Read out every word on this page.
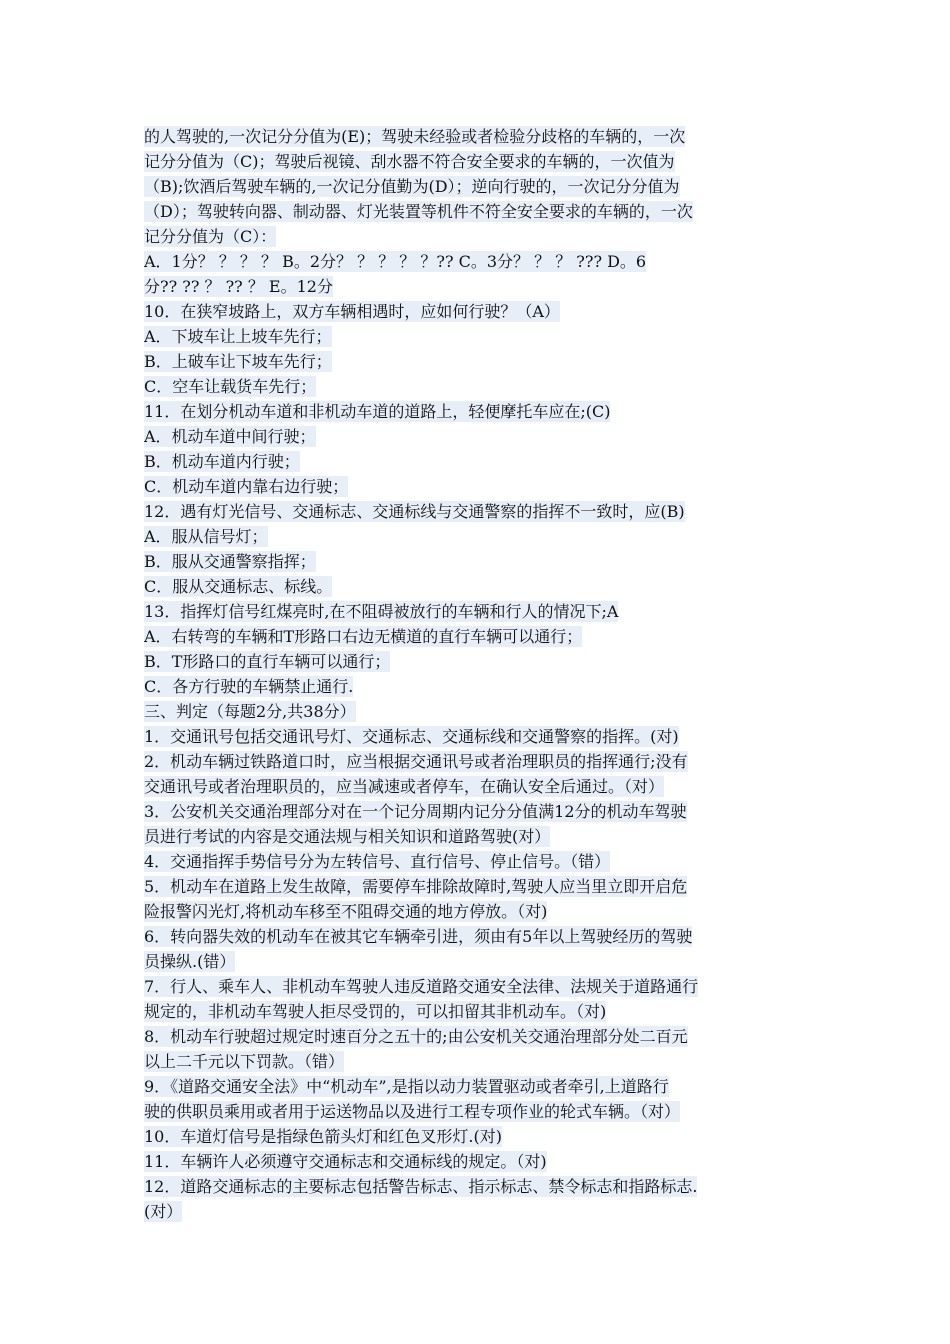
的人驾驶的,一次记分分值为(E)；驾驶未经验或者检验分歧格的车辆的，一次
记分分值为（C)；驾驶后视镜、刮水器不符合安全要求的车辆的，一次值为
（B);饮酒后驾驶车辆的,一次记分值勤为(D）；逆向行驶的，一次记分分值为
（D）；驾驶转向器、制动器、灯光装置等机件不符全安全要求的车辆的，一次
记分分值为（C）：
A．1分？ ？ ？ ？ B。2分？ ？ ？ ？ ？?? C。3分？ ？ ？ ??? D。6
分?? ?? ？ ?? ？ E。12分
10．在狭窄坡路上，双方车辆相遇时，应如何行驶？（A）
A．下坡车让上坡车先行；
B．上破车让下坡车先行；
C．空车让载货车先行；
11．在划分机动车道和非机动车道的道路上，轻便摩托车应在;(C)
A．机动车道中间行驶；
B．机动车道内行驶；
C．机动车道内靠右边行驶；
12．遇有灯光信号、交通标志、交通标线与交通警察的指挥不一致时，应(B)
A．服从信号灯；
B．服从交通警察指挥；
C．服从交通标志、标线。
13．指挥灯信号红煤亮时,在不阻碍被放行的车辆和行人的情况下;A
A．右转弯的车辆和T形路口右边无横道的直行车辆可以通行；
B．T形路口的直行车辆可以通行；
C．各方行驶的车辆禁止通行.
三、判定（每题2分,共38分）
1．交通讯号包括交通讯号灯、交通标志、交通标线和交通警察的指挥。(对)
2．机动车辆过铁路道口时，应当根据交通讯号或者治理职员的指挥通行;没有
交通讯号或者治理职员的，应当减速或者停车，在确认安全后通过。（对）
3．公安机关交通治理部分对在一个记分周期内记分分值满12分的机动车驾驶
员进行考试的内容是交通法规与相关知识和道路驾驶(对）
4．交通指挥手势信号分为左转信号、直行信号、停止信号。（错）
5．机动车在道路上发生故障，需要停车排除故障时,驾驶人应当里立即开启危
险报警闪光灯,将机动车移至不阻碍交通的地方停放。（对)
6．转向器失效的机动车在被其它车辆牵引进，须由有5年以上驾驶经历的驾驶
员操纵.(错）
7．行人、乘车人、非机动车驾驶人违反道路交通安全法律、法规关于道路通行
规定的，非机动车驾驶人拒尽受罚的，可以扣留其非机动车。（对)
8．机动车行驶超过规定时速百分之五十的;由公安机关交通治理部分处二百元
以上二千元以下罚款。（错）
9．《道路交通安全法》中“机动车”,是指以动力装置驱动或者牵引,上道路行
驶的供职员乘用或者用于运送物品以及进行工程专项作业的轮式车辆。（对）
10．车道灯信号是指绿色箭头灯和红色叉形灯.(对)
11．车辆许人必须遵守交通标志和交通标线的规定。（对)
12．道路交通标志的主要标志包括警告标志、指示标志、禁令标志和指路标志.
(对）
